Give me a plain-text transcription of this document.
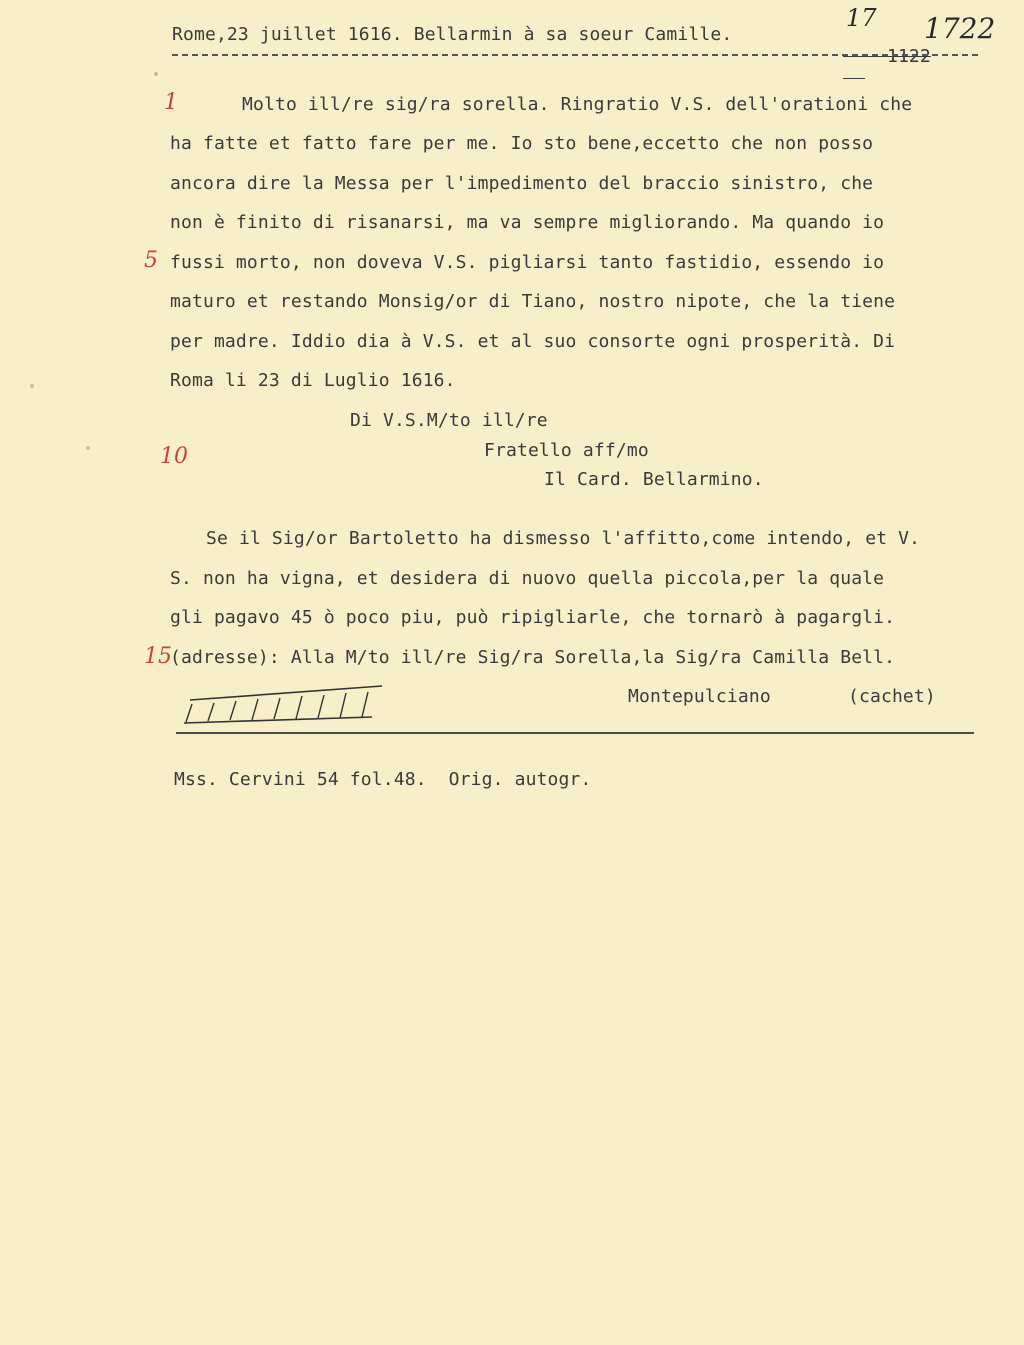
Rome,23 juillet 1616. Bellarmin à sa soeur Camille.

1122

17 1722
1
5
10
15
Molto ill/re sig/ra sorella. Ringratio V.S. dell'orationi che
ha fatte et fatto fare per me. Io sto bene,eccetto che non posso
ancora dire la Messa per l'impedimento del braccio sinistro, che
non è finito di risanarsi, ma va sempre migliorando. Ma quando io
fussi morto, non doveva V.S. pigliarsi tanto fastidio, essendo io
maturo et restando Monsig/or di Tiano, nostro nipote, che la tiene
per madre. Iddio dia à V.S. et al suo consorte ogni prosperità. Di
Roma li 23 di Luglio 1616.
Di V.S.M/to ill/re
Fratello aff/mo
Il Card. Bellarmino.
Se il Sig/or Bartoletto ha dismesso l'affitto,come intendo, et V.
S. non ha vigna, et desidera di nuovo quella piccola,per la quale
gli pagavo 45 ò poco piu, può ripigliarle, che tornarò à pagargli.
(adresse): Alla M/to ill/re Sig/ra Sorella,la Sig/ra Camilla Bell.
Montepulciano	(cachet)
Mss. Cervini 54 fol.48.  Orig. autogr.
